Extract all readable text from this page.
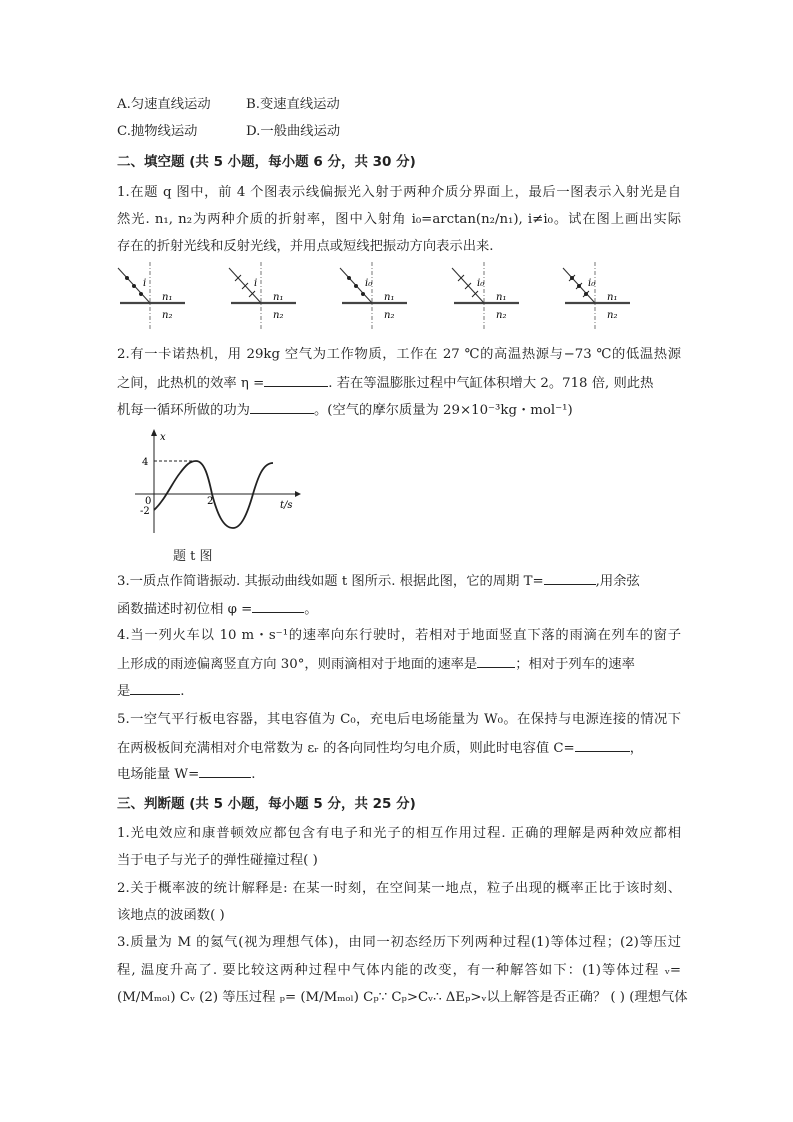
A.匀速直线运动	B.变速直线运动
C.抛物线运动	D.一般曲线运动
二、填空题 (共 5 小题，每小题 6 分，共 30 分)
1.在题 q 图中，前 4 个图表示线偏振光入射于两种介质分界面上，最后一图表示入射光是自
然光. n₁, n₂为两种介质的折射率，图中入射角 i₀=arctan(n₂/n₁), i≠i₀。试在图上画出实际
存在的折射光线和反射光线，并用点或短线把振动方向表示出来.
i
n₁
n₂
i
n₁
n₂
i₀
n₁
n₂
i₀
n₁
n₂
i₀
n₁
n₂
2.有一卡诺热机，用 29kg 空气为工作物质，工作在 27 ℃的高温热源与−73 ℃的低温热源
之间，此热机的效率 η =	. 若在等温膨胀过程中气缸体积增大 2。718 倍, 则此热
机每一循环所做的功为	。(空气的摩尔质量为 29×10⁻³kg・mol⁻¹)
x
4
-2
0	2	t/s
题 t 图
3.一质点作简谐振动. 其振动曲线如题 t 图所示. 根据此图，它的周期 T=	,用余弦
函数描述时初位相 φ =	。
4.当一列火车以 10 m・s⁻¹的速率向东行驶时，若相对于地面竖直下落的雨滴在列车的窗子
上形成的雨迹偏离竖直方向 30°，则雨滴相对于地面的速率是	；相对于列车的速率
是	.
5.一空气平行板电容器，其电容值为 C₀，充电后电场能量为 W₀。在保持与电源连接的情况下
在两极板间充满相对介电常数为 εᵣ 的各向同性均匀电介质，则此时电容值 C=	，
电场能量 W=	.
三、判断题 (共 5 小题，每小题 5 分，共 25 分)
1.光电效应和康普顿效应都包含有电子和光子的相互作用过程. 正确的理解是两种效应都相
当于电子与光子的弹性碰撞过程( )
2.关于概率波的统计解释是: 在某一时刻，在空间某一地点，粒子出现的概率正比于该时刻、
该地点的波函数( )
3.质量为 M 的氦气(视为理想气体)，由同一初态经历下列两种过程(1)等体过程；(2)等压过
程, 温度升高了. 要比较这两种过程中气体内能的改变，有一种解答如下：(1)等体过程 ᵥ=
(M/Mₘₒₗ) Cᵥ (2) 等压过程 ₚ= (M/Mₘₒₗ) Cₚ∵ Cₚ>Cᵥ∴ ΔEₚ>ᵥ以上解答是否正确？ ( ) (理想气体
